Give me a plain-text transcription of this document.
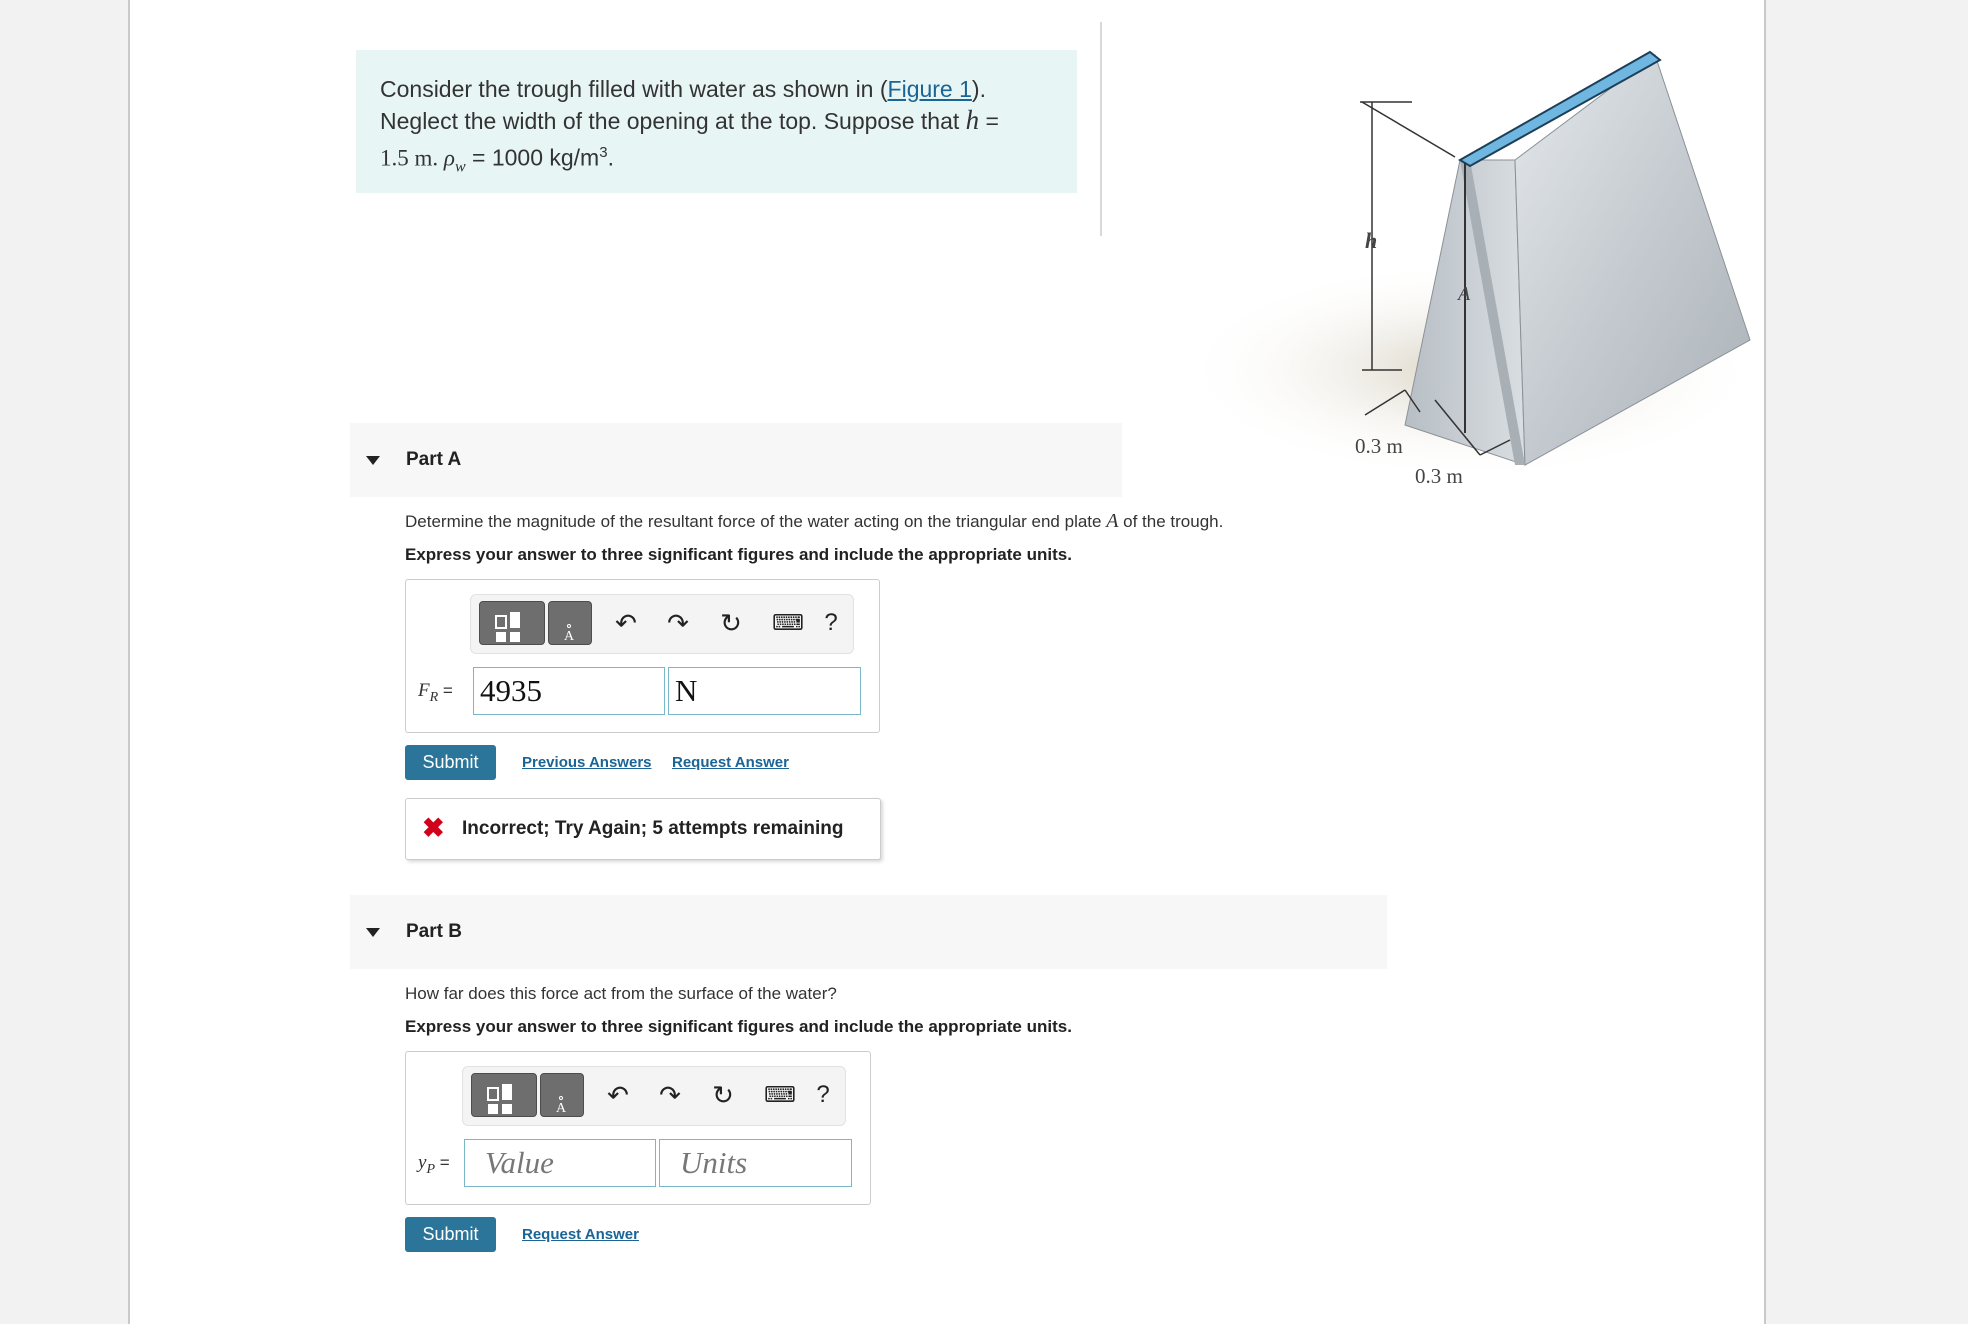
Consider the trough filled with water as shown in (Figure 1).
Neglect the width of the opening at the top. Suppose that h =
1.5 m. $\rho_w = 1000$ $kg/m^3$.
h
A
0.3 m
0.3 m
Part A
Determine the magnitude of the resultant force of the water acting on the triangular end plate A of the trough.
Express your answer to three significant figures and include the appropriate units.
A ↶ ↷ ↻ ⌨ ?
$F_R = 4935$	N
Submit	Previous Answers Request Answer
✖ Incorrect; Try Again; 5 attempts remaining
Part B
How far does this force act from the surface of the water?
Express your answer to three significant figures and include the appropriate units.
A ↶ ↷ ↻ ⌨ ?
$y_P$ =	Value	Units
Submit	Request Answer
